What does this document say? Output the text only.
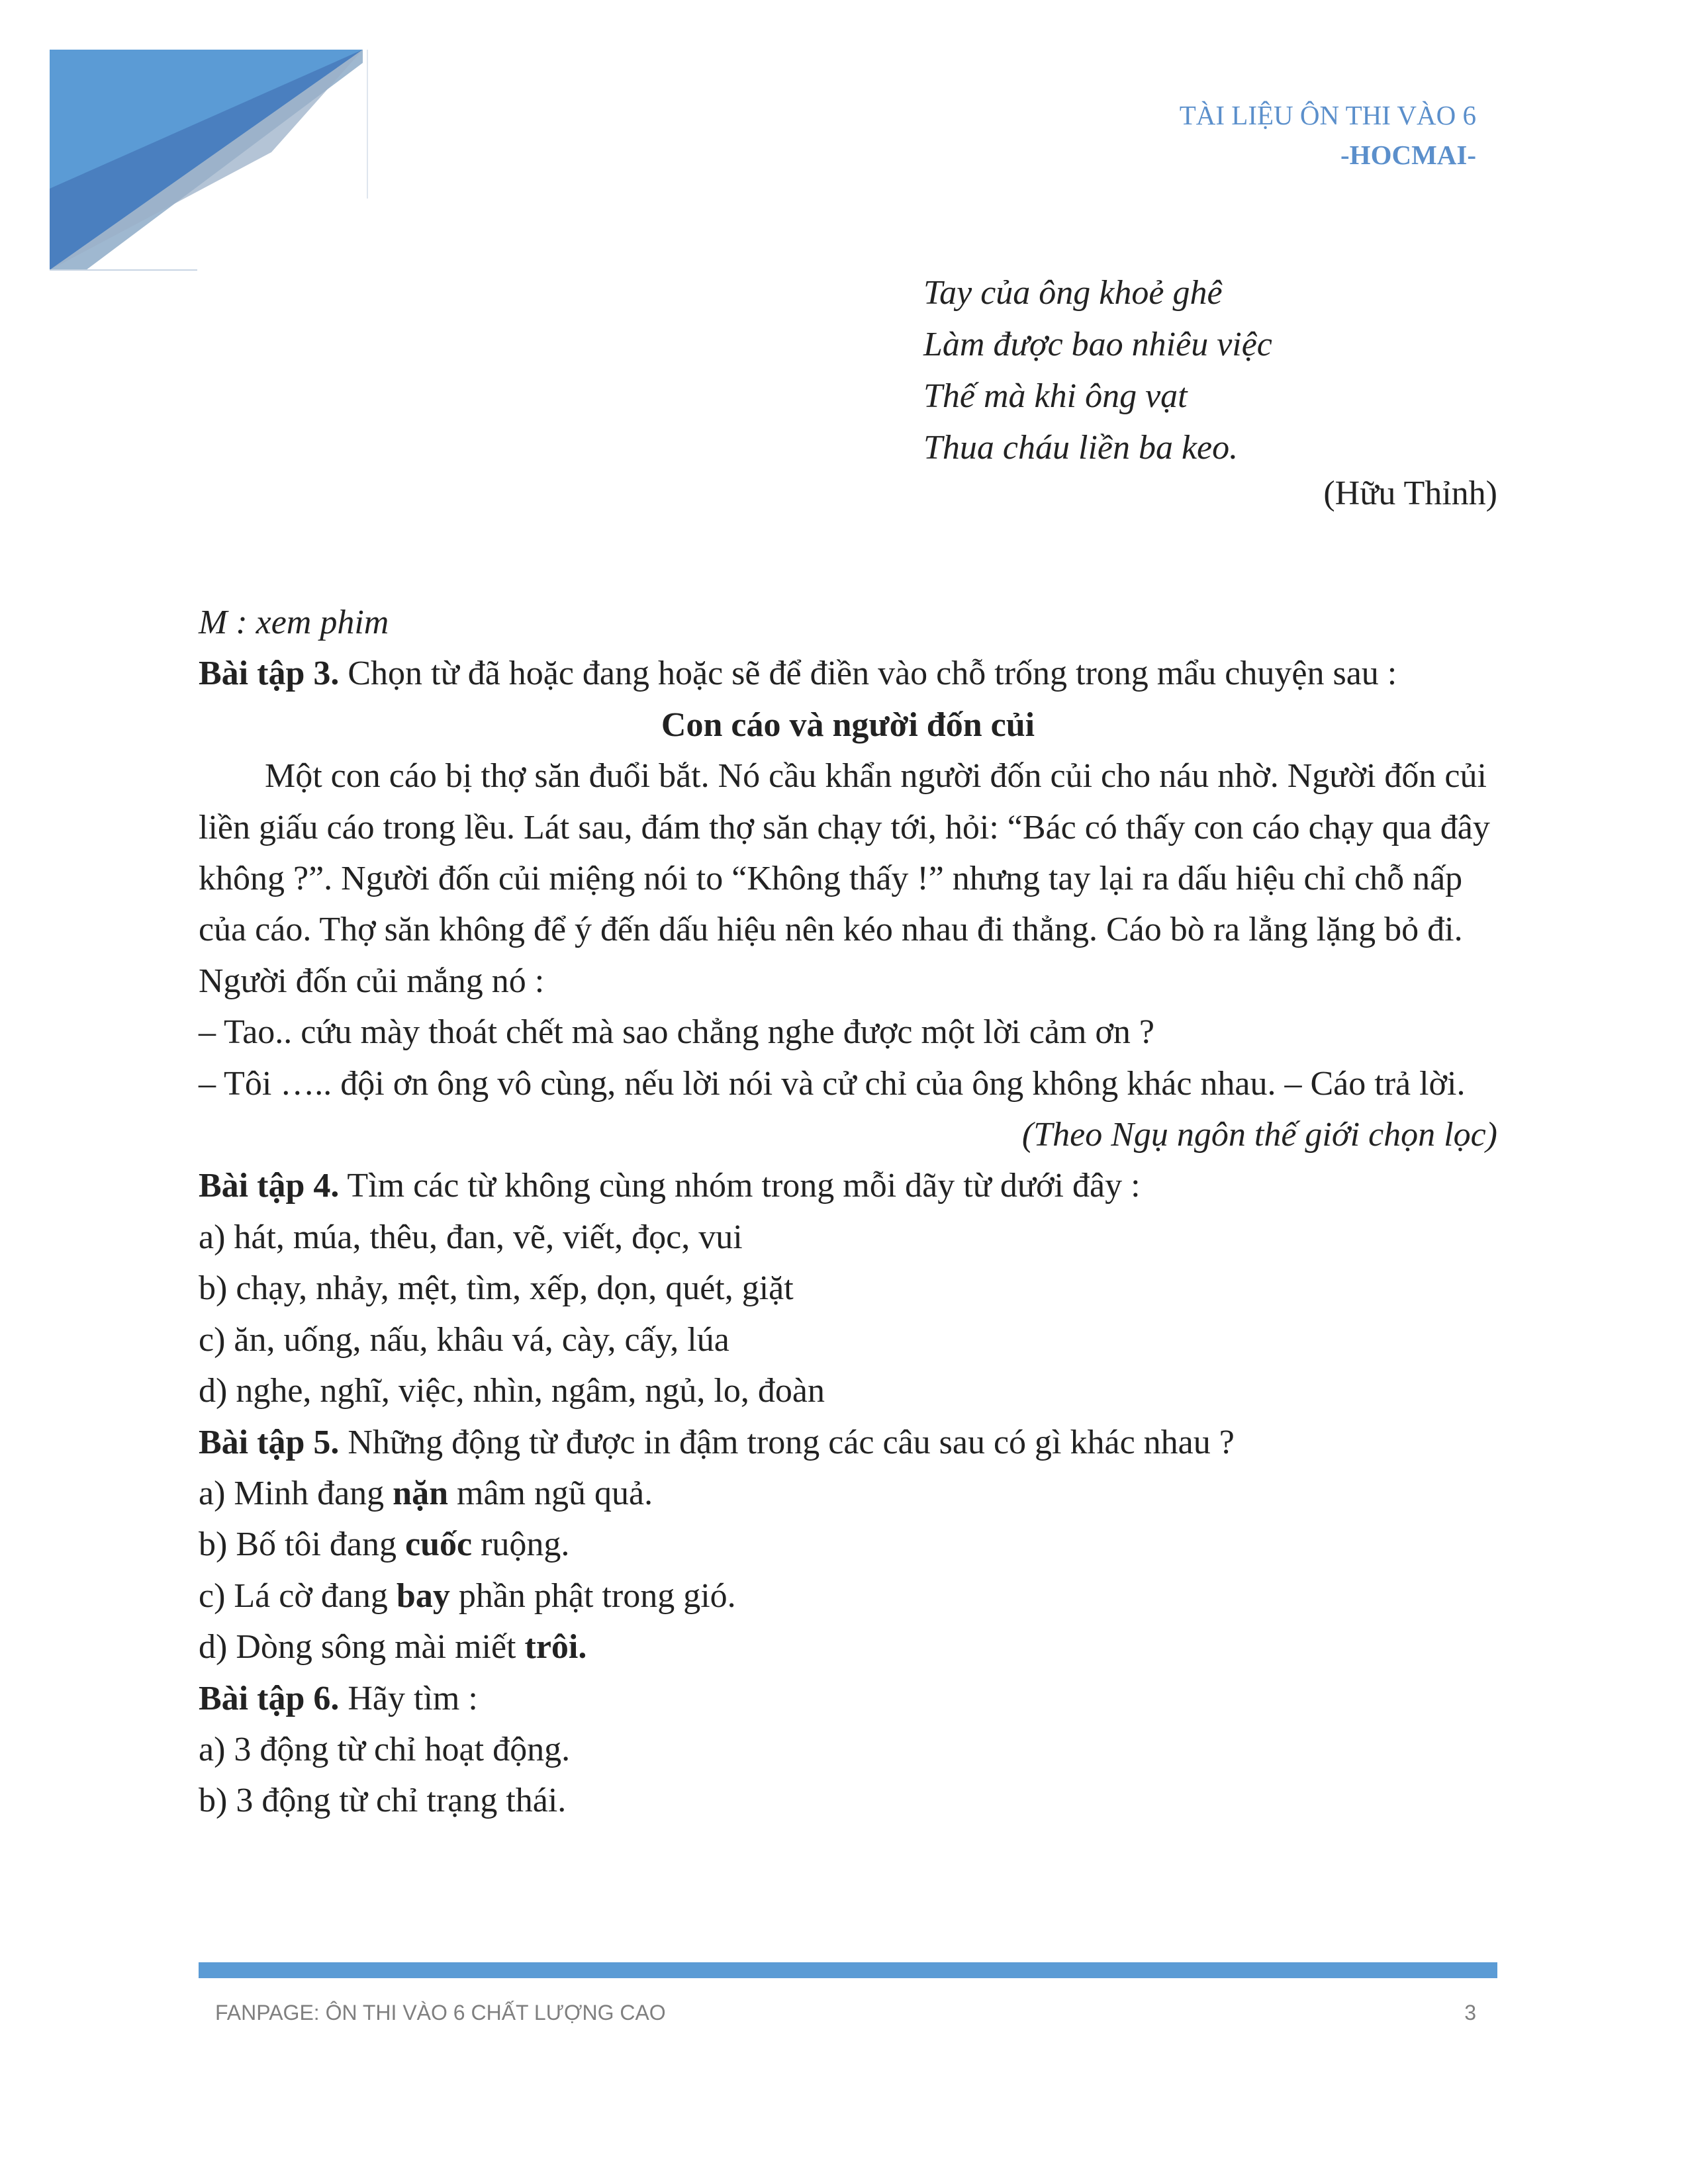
TÀI LIỆU ÔN THI VÀO 6
-HOCMAI-
Tay của ông khoẻ ghê
Làm được bao nhiêu việc
Thế mà khi ông vạt
Thua cháu liền ba keo.
(Hữu Thỉnh)

M : xem phim

Bài tập 3. Chọn từ đã hoặc đang hoặc sẽ để điền vào chỗ trống trong mẩu chuyện sau :

Con cáo và người đốn củi

Một con cáo bị thợ săn đuổi bắt. Nó cầu khẩn người đốn củi cho náu nhờ. Người đốn củi liền giấu cáo trong lều. Lát sau, đám thợ săn chạy tới, hỏi: “Bác có thấy con cáo chạy qua đây không ?”. Người đốn củi miệng nói to “Không thấy !” nhưng tay lại ra dấu hiệu chỉ chỗ nấp của cáo. Thợ săn không để ý đến dấu hiệu nên kéo nhau đi thẳng. Cáo bò ra lẳng lặng bỏ đi. Người đốn củi mắng nó :

– Tao.. cứu mày thoát chết mà sao chẳng nghe được một lời cảm ơn ?

– Tôi ….. đội ơn ông vô cùng, nếu lời nói và cử chỉ của ông không khác nhau. – Cáo trả lời.

(Theo Ngụ ngôn thế giới chọn lọc)

Bài tập 4. Tìm các từ không cùng nhóm trong mỗi dãy từ dưới đây :

a) hát, múa, thêu, đan, vẽ, viết, đọc, vui

b) chạy, nhảy, mệt, tìm, xếp, dọn, quét, giặt

c) ăn, uống, nấu, khâu vá, cày, cấy, lúa

d) nghe, nghĩ, việc, nhìn, ngâm, ngủ, lo, đoàn

Bài tập 5. Những động từ được in đậm trong các câu sau có gì khác nhau ?

a) Minh đang nặn mâm ngũ quả.

b) Bố tôi đang cuốc ruộng.

c) Lá cờ đang bay phần phật trong gió.

d) Dòng sông mài miết trôi.

Bài tập 6. Hãy tìm :

a) 3 động từ chỉ hoạt động.

b) 3 động từ chỉ trạng thái.

FANPAGE: ÔN THI VÀO 6 CHẤT LƯỢNG CAO	3
